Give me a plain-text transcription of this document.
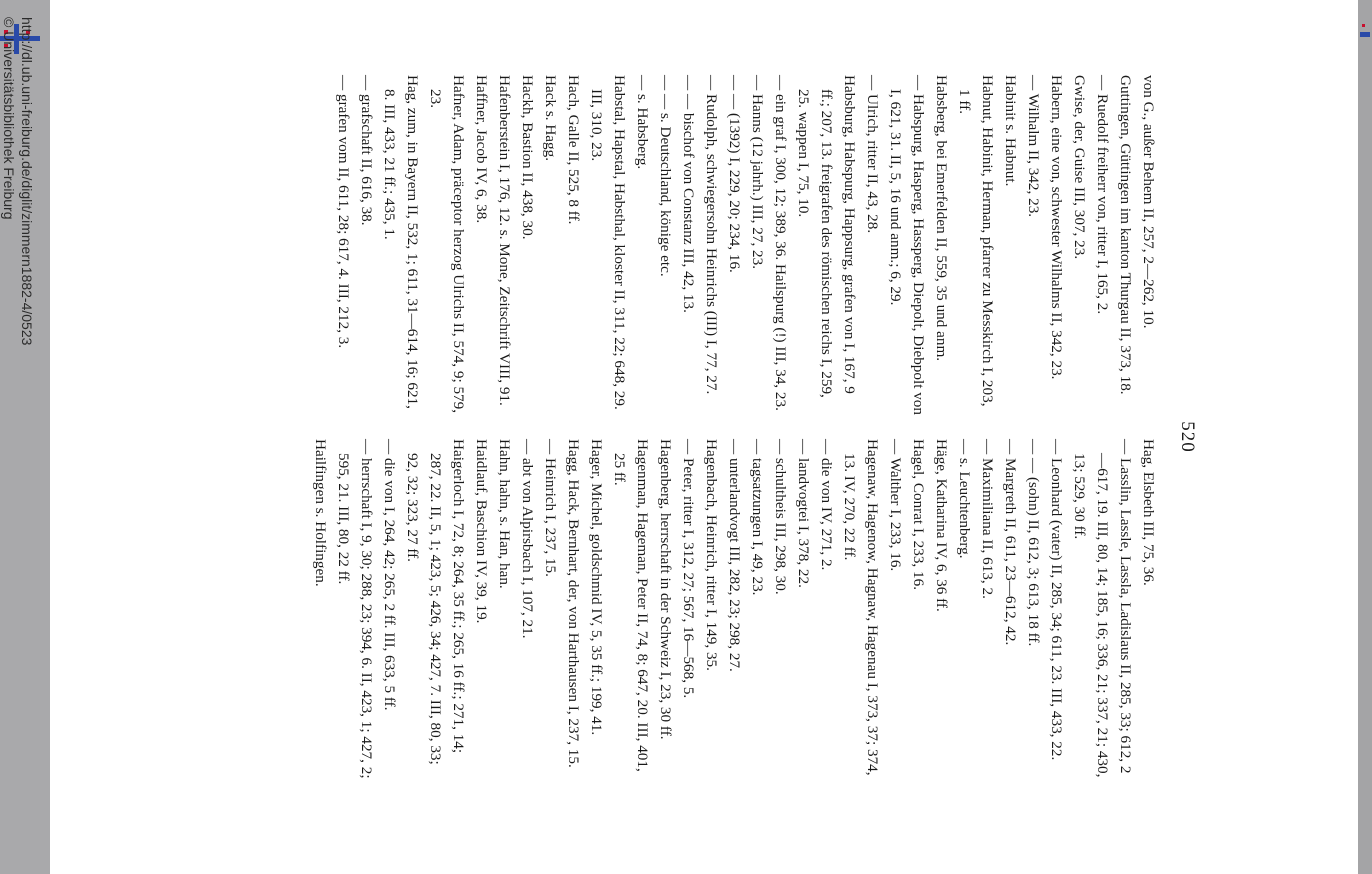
http://dl.ub.uni-freiburg.de/diglit/zimmern1882-4/0523
© Universitätsbibliothek Freiburg
520

von G., außer Behem II, 257, 2—262, 10.

Guttingen, Güttingen im kanton Thurgau II, 373, 18.

— Ruedolf freiherr von, ritter I, 165, 2.

Gwise, der, Guise III, 307, 23.

Habern, eine von, schwester Wilhalms II, 342, 23.

— Wilhalm II, 342, 23.

Habinit s. Habnut.

Habnut, Habinit, Herman, pfarrer zu Messkirch I, 203, 1 ff.

Habsberg, bei Emerfelden II, 559, 35 und anm.

— Habspurg, Hasperg, Hassperg, Diepolt, Diebpolt von I, 621, 31. II, 5, 16 und anm.; 6, 29.

— Ulrich, ritter II, 43, 28.

Habsburg, Habspurg, Happsurg, grafen von I, 167, 9 ff.; 207, 13. freigrafen des römischen reichs I, 259, 25. wappen I, 75, 10.

— ein graf I, 300, 12; 389, 36. Hailspurg (!) III, 34, 23.

— Hanns (12 jahrh.) III, 27, 23.

— — (1392) I, 229, 20; 234, 16.

— Rudolph, schwiegersohn Heinrichs (III) I, 77, 27.

— — bischof von Constanz III, 42, 13.

— — s. Deutschland, könige etc.

— s. Habsberg.

Habstal, Hapstal, Habsthal, kloster II, 311, 22; 648, 29. III, 310, 23.

Hach, Galle II, 525, 8 ff.

Hack s. Hagg.

Hackh, Bastion II, 438, 30.

Hafenberstein I, 176, 12. s. Mone, Zeitschrift VIII, 91.

Haffner, Jacob IV, 6, 38.

Hafner, Adam, präceptor herzog Ulrichs II, 574, 9; 579, 23.

Hag, zum, in Bayern II, 532, 1; 611, 31—614, 16; 621, 8. III, 433, 21 ff.; 435, 1.

— grafschaft II, 616, 38.

— grafen vom II, 611, 28; 617, 4. III, 212, 3.

Hag, Elsbeth III, 75, 36.

— Lasslin, Lassle, Lassla, Ladislaus II, 285, 33; 612, 2—617, 19. III, 80, 14; 185, 16; 336, 21; 337, 21; 430, 13; 529, 30 ff.

— Leonhard (vater) II, 285, 34; 611, 23. III, 433, 22.

— — (sohn) II, 612, 3; 613, 18 ff.

— Margreth II, 611, 23—612, 42.

— Maximiliana II, 613, 2.

— s. Leuchtenberg.

Häge, Katharina IV, 6, 36 ff.

Hagel, Conrat I, 233, 16.

— Walther I, 233, 16.

Hagenaw, Hagenow, Hagnaw, Hagenau I, 373, 37; 374, 13. IV, 270, 22 ff.

— die von IV, 271, 2.

— landvogtei I, 378, 22.

— schultheis III, 298, 30.

— tagsatzungen I, 49, 23.

— unterlandvogt III, 282, 23; 298, 27.

Hagenbach, Heinrich, ritter I, 149, 35.

— Peter, ritter I, 312, 27; 567, 16—568, 5.

Hagenberg, herrschaft in der Schweiz I, 23, 30 ff.

Hagenman, Hageman, Peter II, 74, 8; 647, 20. III, 401, 25 ff.

Hager, Michel, goldschmid IV, 5, 35 ff.; 199, 41.

Hagg, Hack, Bernhart, der, von Harthausen I, 237, 15.

— Heinrich I, 237, 15.

— abt von Alpirsbach I, 107, 21.

Hahn, hahn, s. Han, han.

Haidlauf, Baschion IV, 39, 19.

Haigerloch I, 72, 8; 264, 35 ff.; 265, 16 ff.; 271, 14; 287, 22. II, 5, 1; 423, 5; 426, 34; 427, 7. III, 80, 33; 92, 32; 323, 27 ff.

— die von I, 264, 42; 265, 2 ff. III, 633, 5 ff.

— herrschaft I, 9, 30; 288, 23; 394, 6. II, 423, 1; 427, 2; 595, 21. III, 80, 22 ff.

Hailfingen s. Holfingen.
